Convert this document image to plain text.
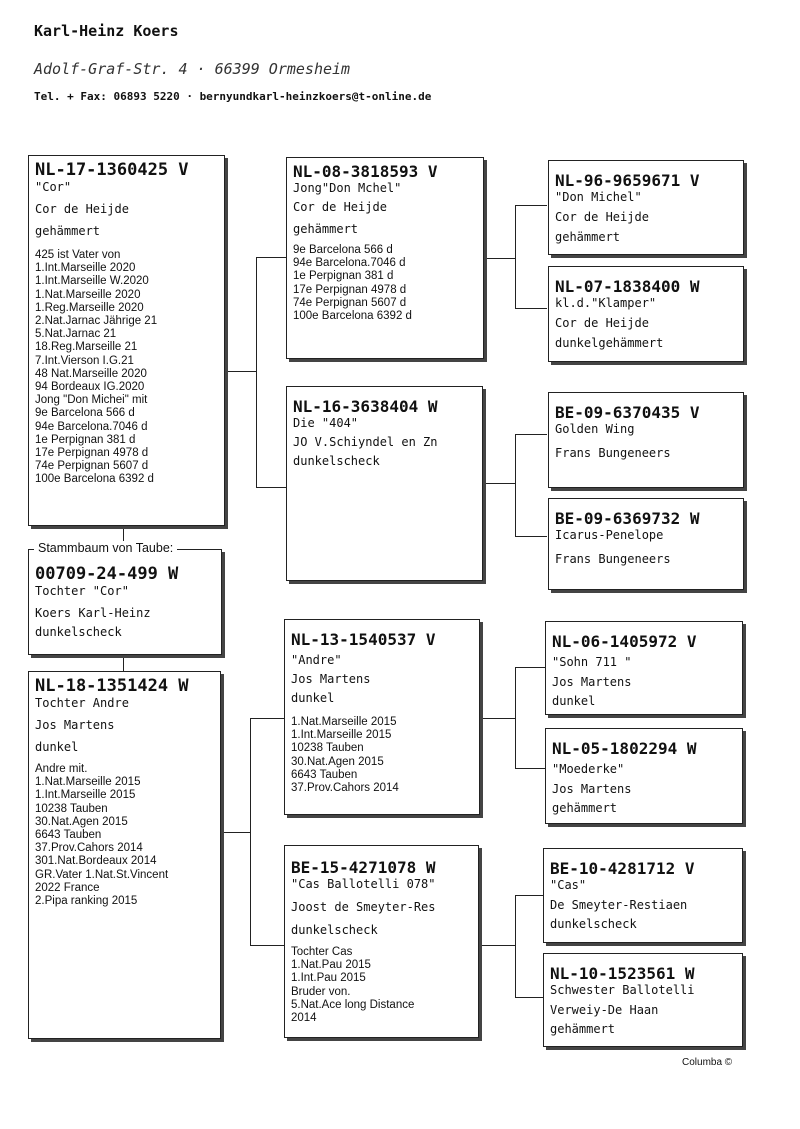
Karl-Heinz Koers
Adolf-Graf-Str. 4 · 66399 Ormesheim
Tel. + Fax: 06893 5220 · bernyundkarl-heinzkoers@t-online.de
NL-17-1360425 V
"Cor"
Cor de Heijde
gehämmert
425 ist Vater von
1.Int.Marseille 2020
1.Int.Marseille W.2020
1.Nat.Marseille 2020
1.Reg.Marseille 2020
2.Nat.Jarnac Jährige 21
5.Nat.Jarnac 21
18.Reg.Marseille 21
7.Int.Vierson I.G.21
48 Nat.Marseille 2020
94 Bordeaux IG.2020
Jong "Don Michei" mit
9e Barcelona 566 d
94e Barcelona.7046 d
1e Perpignan 381 d
17e Perpignan 4978 d
74e Perpignan 5607 d
100e Barcelona 6392 d
00709-24-499 W
Tochter "Cor"
Koers Karl-Heinz
dunkelscheck
Stammbaum von Taube:
NL-18-1351424 W
Tochter Andre
Jos Martens
dunkel
Andre mit.
1.Nat.Marseille 2015
1.Int.Marseille 2015
10238 Tauben
30.Nat.Agen 2015
6643 Tauben
37.Prov.Cahors 2014
301.Nat.Bordeaux 2014
GR.Vater 1.Nat.St.Vincent
2022 France
2.Pipa ranking 2015
NL-08-3818593 V
Jong"Don Mchel"
Cor de Heijde
gehämmert
9e Barcelona 566 d
94e Barcelona.7046 d
1e Perpignan 381 d
17e Perpignan 4978 d
74e Perpignan 5607 d
100e Barcelona 6392 d
NL-16-3638404 W
Die "404"
JO V.Schiyndel en Zn
dunkelscheck
NL-13-1540537 V
"Andre"
Jos Martens
dunkel
1.Nat.Marseille 2015
1.Int.Marseille 2015
10238 Tauben
30.Nat.Agen 2015
6643 Tauben
37.Prov.Cahors 2014
BE-15-4271078 W
"Cas Ballotelli 078"
Joost de Smeyter-Res
dunkelscheck
Tochter Cas
1.Nat.Pau 2015
1.Int.Pau 2015
Bruder von.
5.Nat.Ace long Distance
2014
NL-96-9659671 V
"Don Michel"
Cor de Heijde
gehämmert
NL-07-1838400 W
kl.d."Klamper"
Cor de Heijde
dunkelgehämmert
BE-09-6370435 V
Golden Wing
Frans Bungeneers
BE-09-6369732 W
Icarus-Penelope
Frans Bungeneers
NL-06-1405972 V
"Sohn 711 "
Jos Martens
dunkel
NL-05-1802294 W
"Moederke"
Jos Martens
gehämmert
BE-10-4281712 V
"Cas"
De Smeyter-Restiaen
dunkelscheck
NL-10-1523561 W
Schwester Ballotelli
Verweiy-De Haan
gehämmert
Columba ©
